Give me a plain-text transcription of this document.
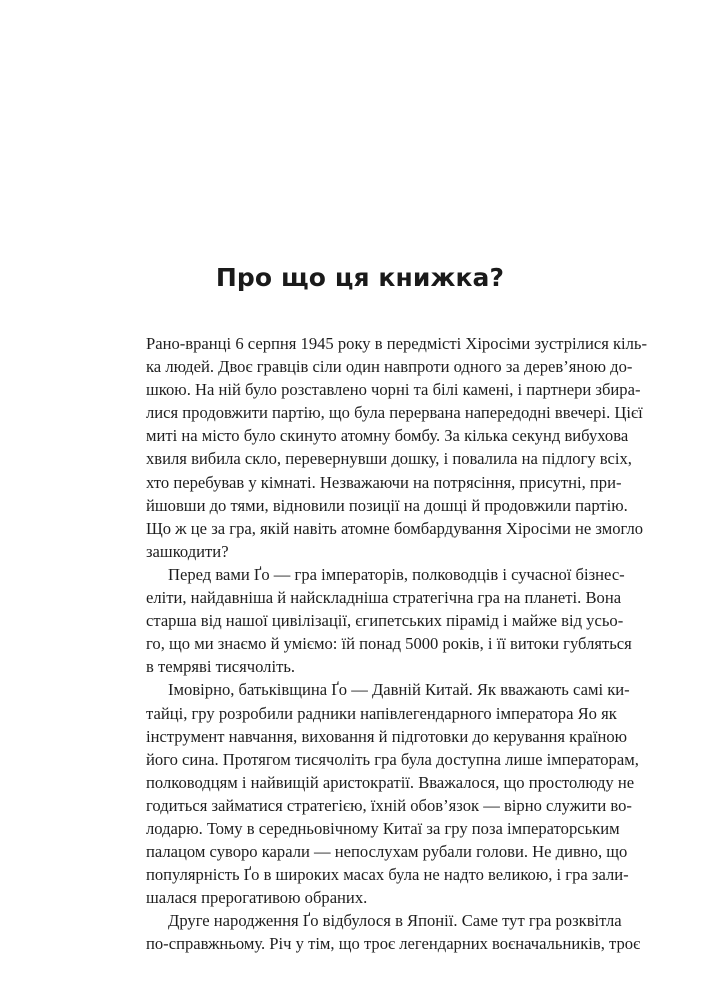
Про що ця книжка?

Рано-вранці 6 серпня 1945 року в передмісті Хіросіми зустрілися кіль-
ка людей. Двоє гравців сіли один навпроти одного за дерев’яною до-
шкою. На ній було розставлено чорні та білі камені, і партнери збира-
лися продовжити партію, що була перервана напередодні ввечері. Цієї
миті на місто було скинуто атомну бомбу. За кілька секунд вибухова
хвиля вибила скло, перевернувши дошку, і повалила на підлогу всіх,
хто перебував у кімнаті. Незважаючи на потрясіння, присутні, при-
йшовши до тями, відновили позиції на дошці й продовжили партію.
Що ж це за гра, якій навіть атомне бомбардування Хіросіми не змогло
зашкодити?

Перед вами Ґо — гра імператорів, полководців і сучасної бізнес-
еліти, найдавніша й найскладніша стратегічна гра на планеті. Вона
старша від нашої цивілізації, єгипетських пірамід і майже від усьо-
го, що ми знаємо й уміємо: їй понад 5000 років, і її витоки губляться
в темряві тисячоліть.

Імовірно, батьківщина Ґо — Давній Китай. Як вважають самі ки-
тайці, гру розробили радники напівлегендарного імператора Яо як
інструмент навчання, виховання й підготовки до керування країною
його сина. Протягом тисячоліть гра була доступна лише імператорам,
полководцям і найвищій аристократії. Вважалося, що простолюду не
годиться займатися стратегією, їхній обов’язок — вірно служити во-
лодарю. Тому в середньовічному Китаї за гру поза імператорським
палацом суворо карали — непослухам рубали голови. Не дивно, що
популярність Ґо в широких масах була не надто великою, і гра зали-
шалася прерогативою обраних.

Друге народження Ґо відбулося в Японії. Саме тут гра розквітла
по-справжньому. Річ у тім, що троє легендарних воєначальників, троє
